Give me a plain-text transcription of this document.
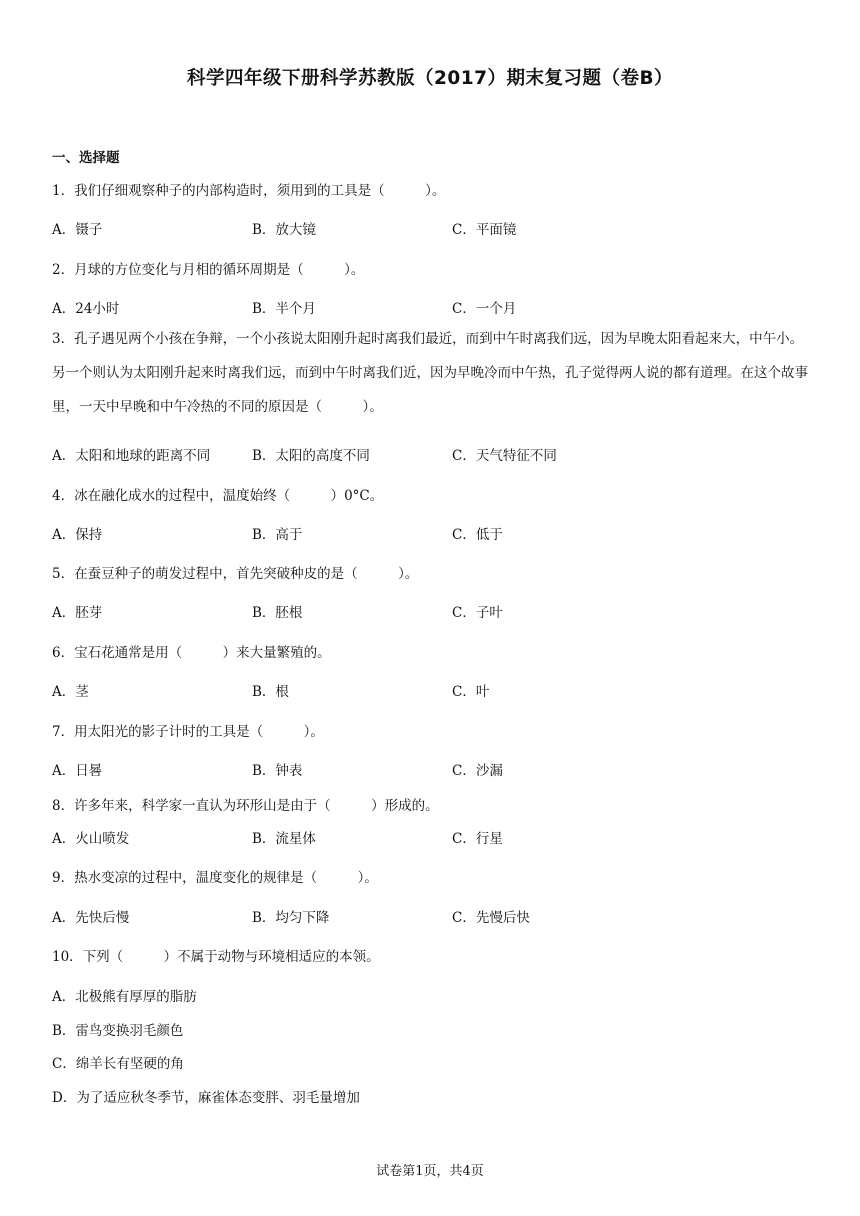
科学四年级下册科学苏教版（2017）期末复习题（卷B）
一、选择题
1．我们仔细观察种子的内部构造时，须用到的工具是（　　　）。
A．镊子	B．放大镜	C．平面镜
2．月球的方位变化与月相的循环周期是（　　　）。
A．24小时	B．半个月	C．一个月
3．孔子遇见两个小孩在争辩，一个小孩说太阳刚升起时离我们最近，而到中午时离我们远，因为早晚太阳看起来大，中午小。另一个则认为太阳刚升起来时离我们远，而到中午时离我们近，因为早晚冷而中午热，孔子觉得两人说的都有道理。在这个故事里，一天中早晚和中午冷热的不同的原因是（　　　）。
A．太阳和地球的距离不同	B．太阳的高度不同	C．天气特征不同
4．冰在融化成水的过程中，温度始终（　　　）0°C。
A．保持	B．高于	C．低于
5．在蚕豆种子的萌发过程中，首先突破种皮的是（　　　）。
A．胚芽	B．胚根	C．子叶
6．宝石花通常是用（　　　）来大量繁殖的。
A．茎	B．根	C．叶
7．用太阳光的影子计时的工具是（　　　）。
A．日晷	B．钟表	C．沙漏
8．许多年来，科学家一直认为环形山是由于（　　　）形成的。
A．火山喷发	B．流星体	C．行星
9．热水变凉的过程中，温度变化的规律是（　　　）。
A．先快后慢	B．均匀下降	C．先慢后快
10．下列（　　　）不属于动物与环境相适应的本领。
A．北极熊有厚厚的脂肪
B．雷鸟变换羽毛颜色
C．绵羊长有坚硬的角
D．为了适应秋冬季节，麻雀体态变胖、羽毛量增加
试卷第1页，共4页
